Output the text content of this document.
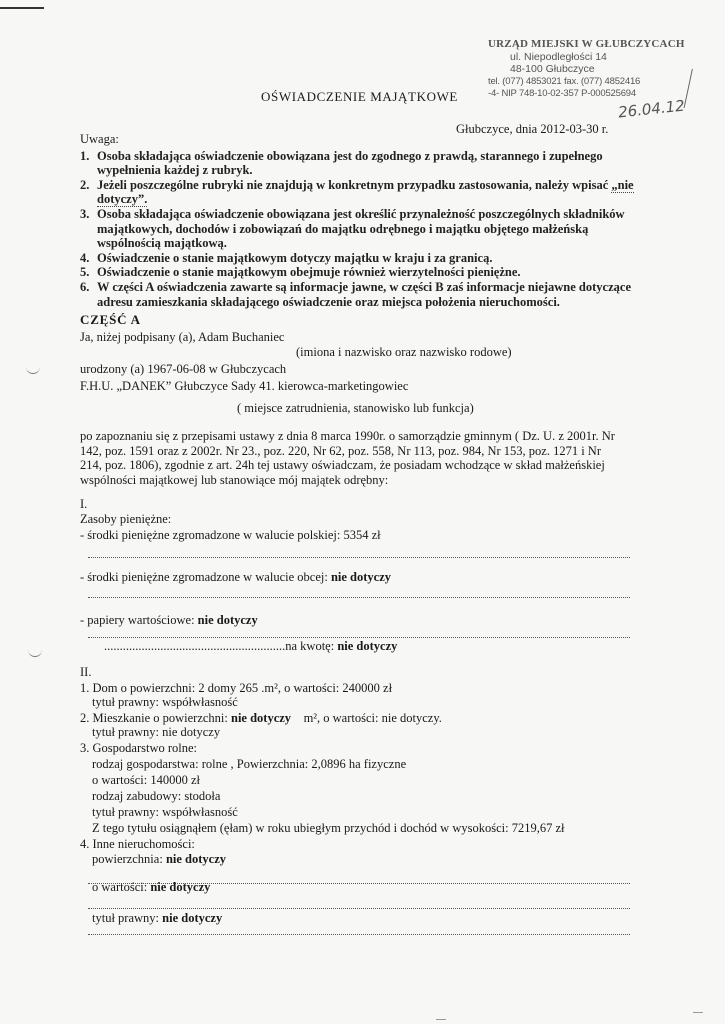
URZĄD MIEJSKI W GŁUBCZYCACH
ul. Niepodległości 14
48-100 Głubczyce
tel. (077) 4853021 fax. (077) 4852416
-4- NIP 748-10-02-357 P-000525694
26.04.12
OŚWIADCZENIE MAJĄTKOWE
Głubczyce, dnia 2012-03-30 r.
Uwaga:
1. Osoba składająca oświadczenie obowiązana jest do zgodnego z prawdą, starannego i zupełnego wypełnienia każdej z rubryk.
2. Jeżeli poszczególne rubryki nie znajdują w konkretnym przypadku zastosowania, należy wpisać „nie dotyczy”.
3. Osoba składająca oświadczenie obowiązana jest określić przynależność poszczególnych składników majątkowych, dochodów i zobowiązań do majątku odrębnego i majątku objętego małżeńską wspólnością majątkową.
4. Oświadczenie o stanie majątkowym dotyczy majątku w kraju i za granicą.
5. Oświadczenie o stanie majątkowym obejmuje również wierzytelności pieniężne.
6. W części A oświadczenia zawarte są informacje jawne, w części B zaś informacje niejawne dotyczące adresu zamieszkania składającego oświadczenie oraz miejsca położenia nieruchomości.
CZĘŚĆ A
Ja, niżej podpisany (a), Adam Buchaniec
(imiona i nazwisko oraz nazwisko rodowe)
urodzony (a) 1967-06-08 w Głubczycach
F.H.U. „DANEK” Głubczyce Sady 41. kierowca-marketingowiec
( miejsce zatrudnienia, stanowisko lub funkcja)
po zapoznaniu się z przepisami ustawy z dnia 8 marca 1990r. o samorządzie gminnym ( Dz. U. z 2001r. Nr 142, poz. 1591 oraz z 2002r. Nr 23., poz. 220, Nr 62, poz. 558, Nr 113, poz. 984, Nr 153, poz. 1271 i Nr 214, poz. 1806), zgodnie z art. 24h tej ustawy oświadczam, że posiadam wchodzące w skład małżeńskiej wspólności majątkowej lub stanowiące mój majątek odrębny:
I.
Zasoby pieniężne:
- środki pieniężne zgromadzone w walucie polskiej: 5354 zł
- środki pieniężne zgromadzone w walucie obcej: nie dotyczy
- papiery wartościowe: nie dotyczy
..........................................................na kwotę: nie dotyczy
II.
1. Dom o powierzchni: 2 domy 265 .m², o wartości: 240000 zł
tytuł prawny: współwłasność
2. Mieszkanie o powierzchni: nie dotyczy m², o wartości: nie dotyczy.
tytuł prawny: nie dotyczy
3. Gospodarstwo rolne:
rodzaj gospodarstwa: rolne , Powierzchnia: 2,0896 ha fizyczne
o wartości: 140000 zł
rodzaj zabudowy: stodoła
tytuł prawny: współwłasność
Z tego tytułu osiągnąłem (ęłam) w roku ubiegłym przychód i dochód w wysokości: 7219,67 zł
4. Inne nieruchomości:
powierzchnia: nie dotyczy
o wartości: nie dotyczy
tytuł prawny: nie dotyczy
